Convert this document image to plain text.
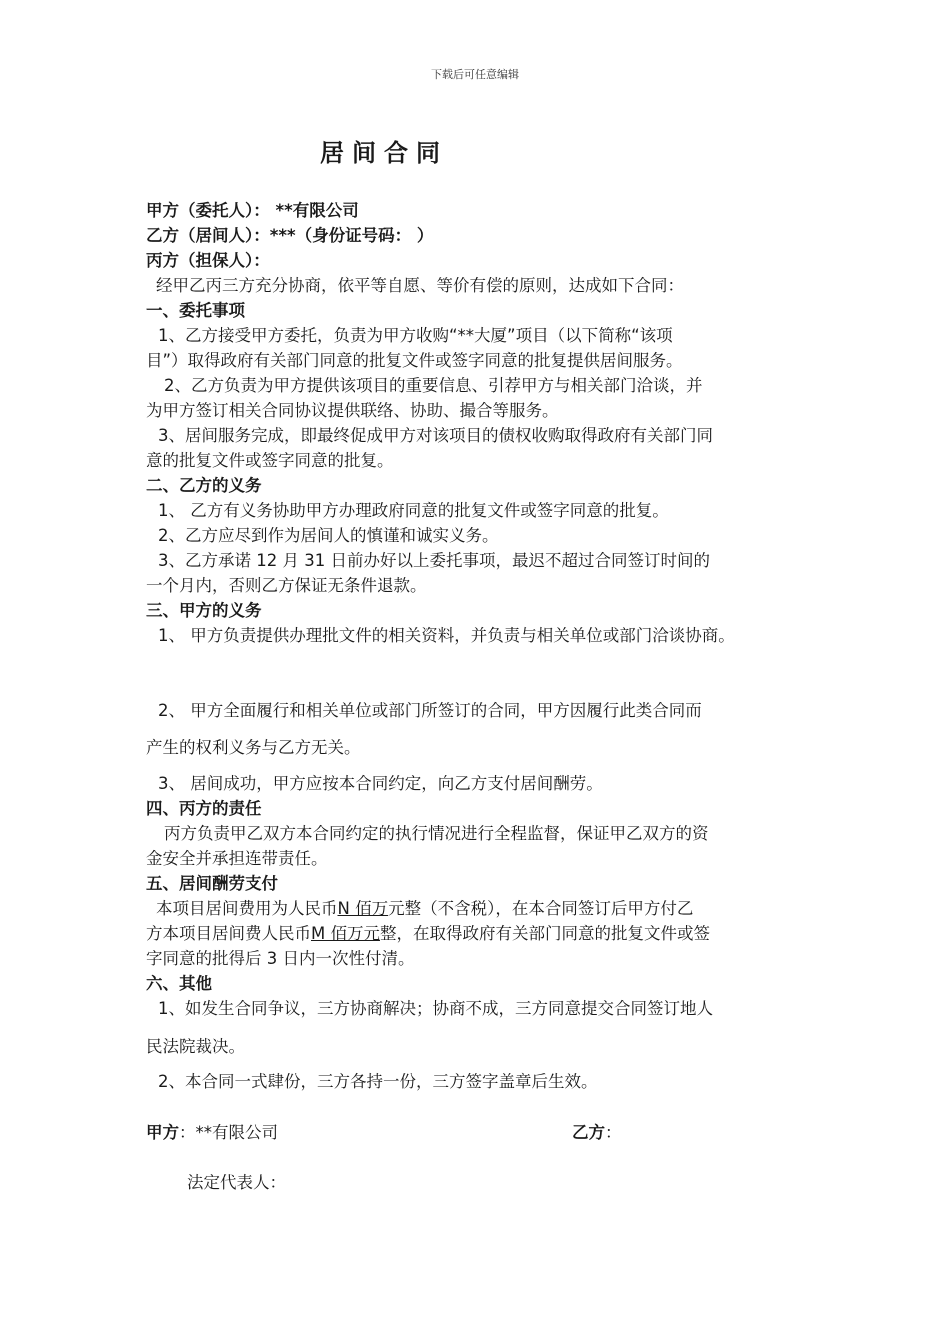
下载后可任意编辑
居间合同
甲方（委托人）： **有限公司
乙方（居间人）：***（身份证号码： ）
丙方（担保人）：
经甲乙丙三方充分协商，依平等自愿、等价有偿的原则，达成如下合同：
一、委托事项
1、乙方接受甲方委托，负责为甲方收购“**大厦”项目（以下简称“该项
目”）取得政府有关部门同意的批复文件或签字同意的批复提供居间服务。
2、乙方负责为甲方提供该项目的重要信息、引荐甲方与相关部门洽谈，并
为甲方签订相关合同协议提供联络、协助、撮合等服务。
3、居间服务完成，即最终促成甲方对该项目的债权收购取得政府有关部门同
意的批复文件或签字同意的批复。
二、乙方的义务
1、 乙方有义务协助甲方办理政府同意的批复文件或签字同意的批复。
2、乙方应尽到作为居间人的慎谨和诚实义务。
3、乙方承诺 12 月 31 日前办好以上委托事项，最迟不超过合同签订时间的
一个月内，否则乙方保证无条件退款。
三、甲方的义务
1、 甲方负责提供办理批文件的相关资料，并负责与相关单位或部门洽谈协商。
2、 甲方全面履行和相关单位或部门所签订的合同，甲方因履行此类合同而
产生的权利义务与乙方无关。
3、 居间成功，甲方应按本合同约定，向乙方支付居间酬劳。
四、丙方的责任
丙方负责甲乙双方本合同约定的执行情况进行全程监督，保证甲乙双方的资
金安全并承担连带责任。
五、居间酬劳支付
本项目居间费用为人民币N 佰万元整（不含税），在本合同签订后甲方付乙
方本项目居间费人民币M 佰万元整，在取得政府有关部门同意的批复文件或签
字同意的批得后 3 日内一次性付清。
六、其他
1、如发生合同争议，三方协商解决；协商不成，三方同意提交合同签订地人
民法院裁决。
2、本合同一式肆份，三方各持一份，三方签字盖章后生效。
甲方：**有限公司	乙方：
法定代表人：
